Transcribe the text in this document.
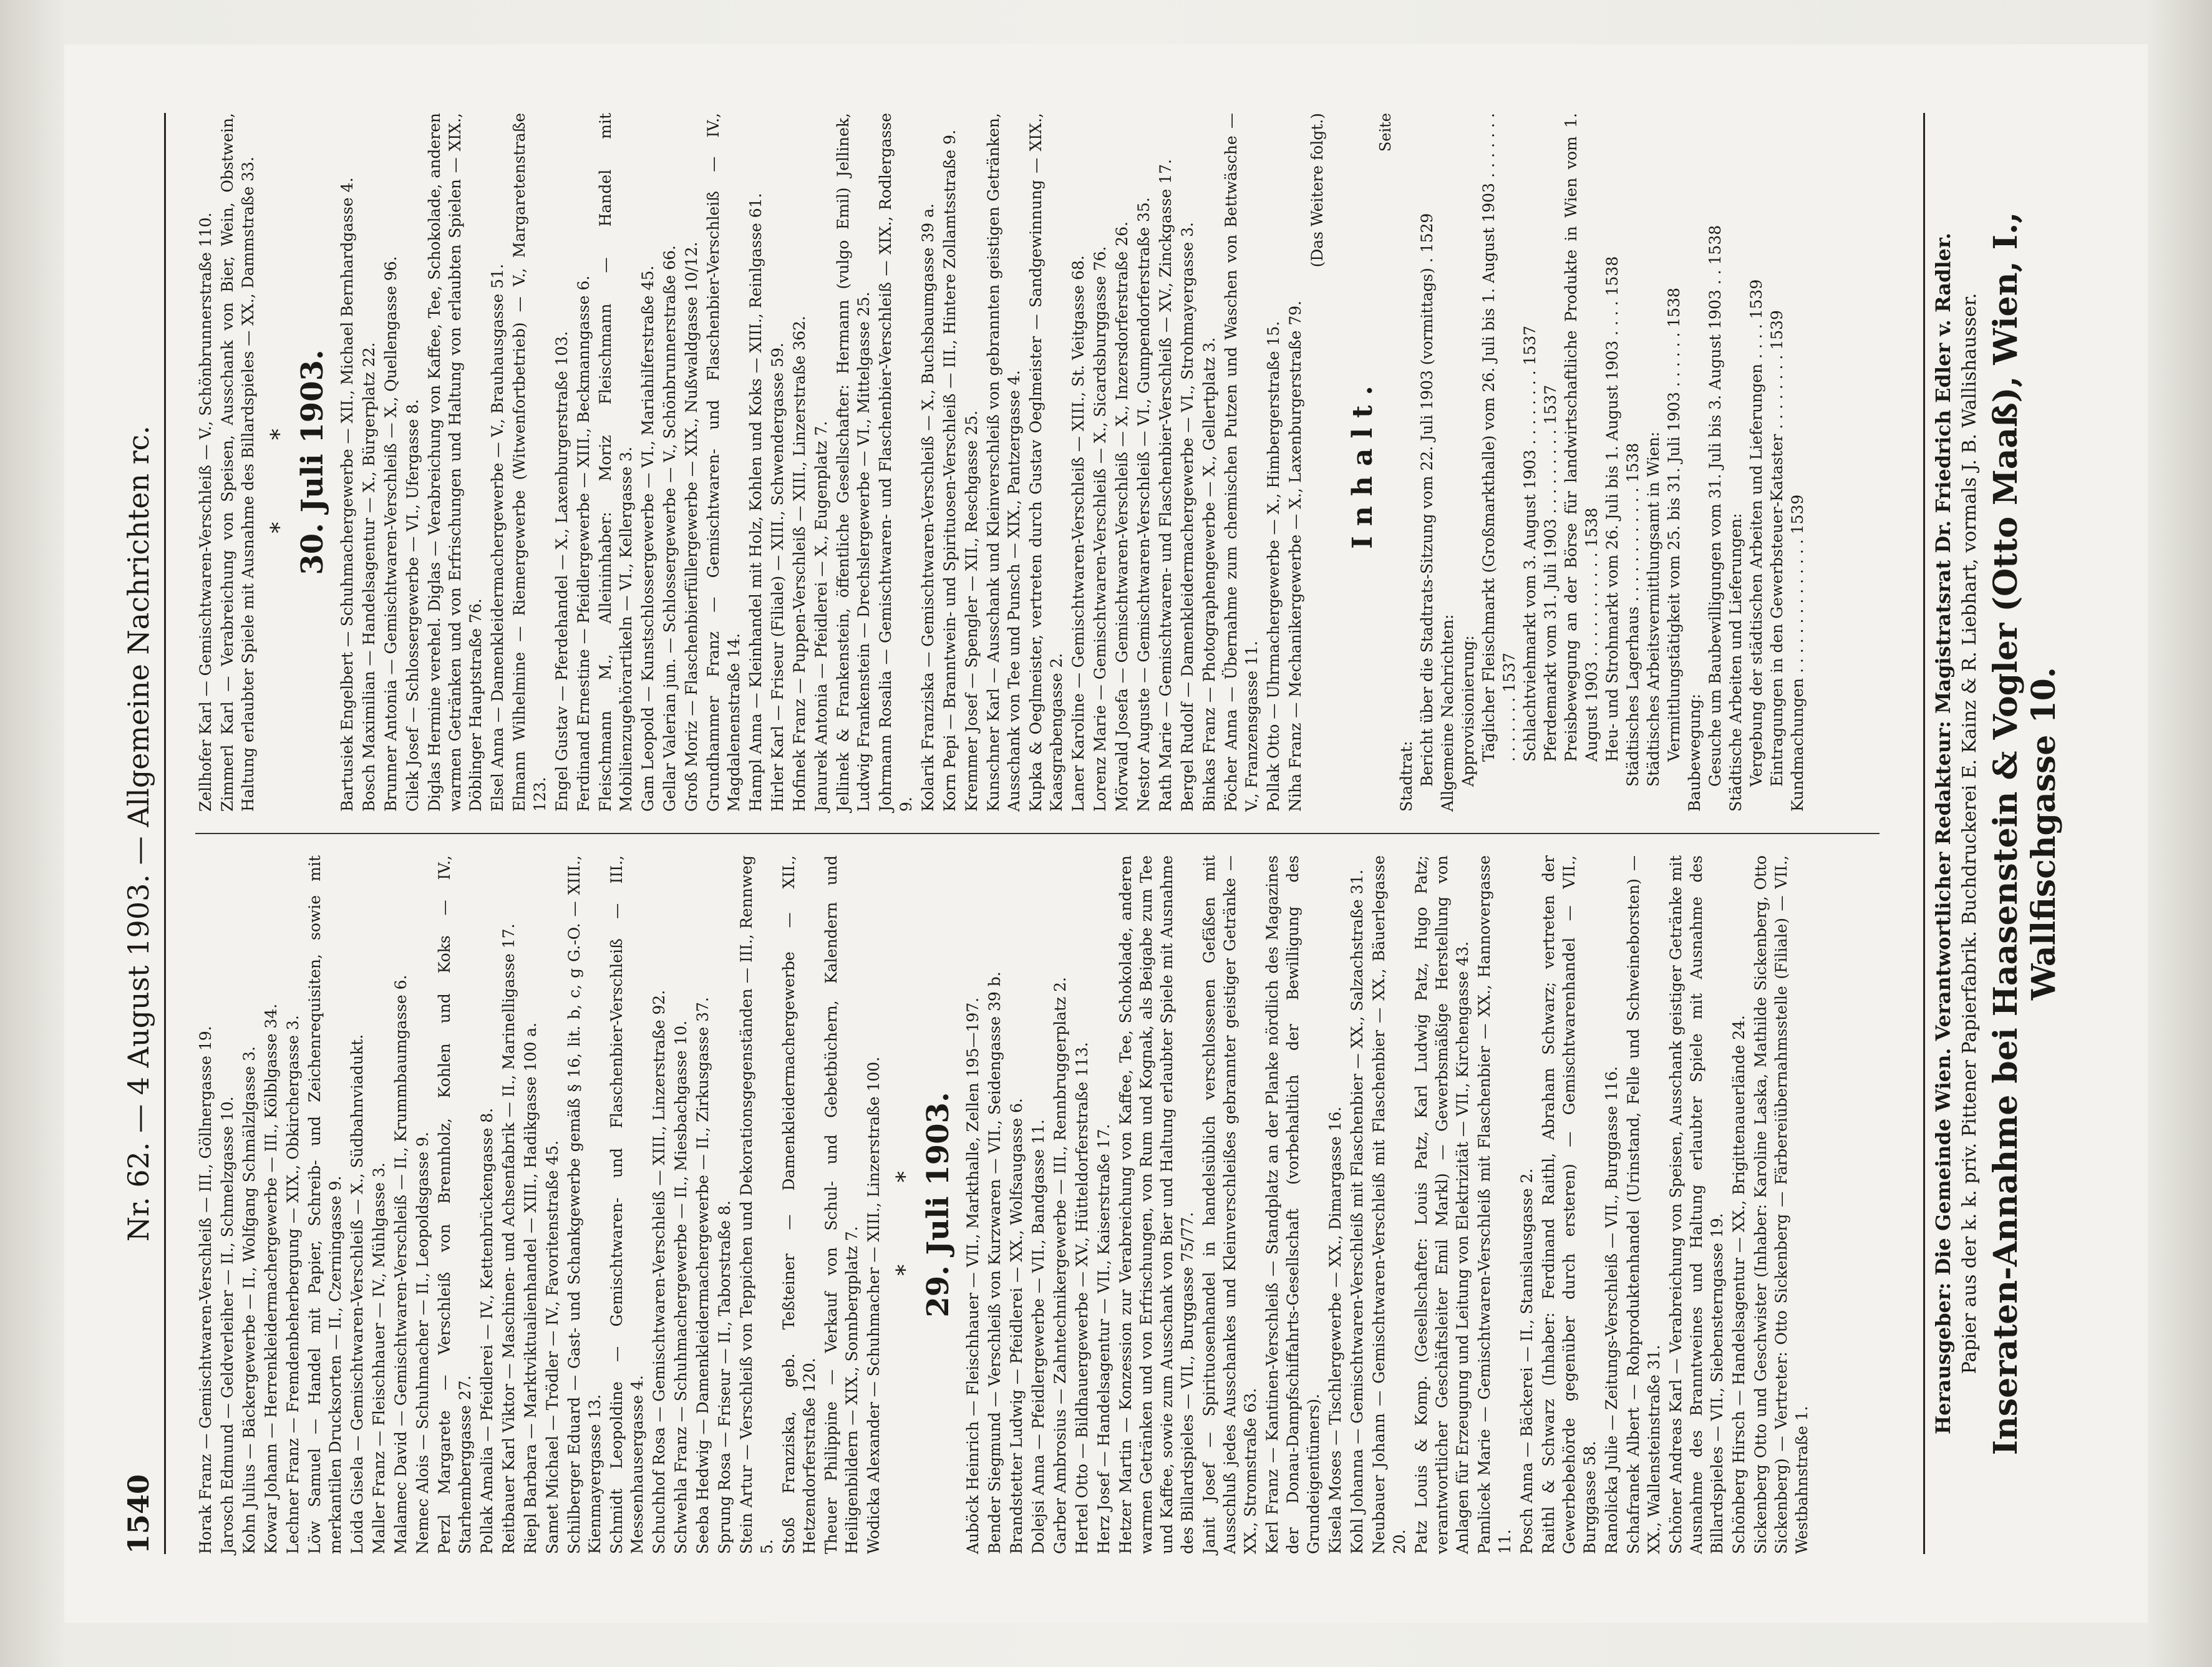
1540
Nr. 62. — 4 August 1903. — Allgemeine Nachrichten rc.

Horak Franz — Gemischtwaren-Verschleiß — III., Göllnergasse 19. Jarosch Edmund — Geldverleiher — II., Schmelzgasse 10. Kohn Julius — Bäckergewerbe — II., Wolfgang Schmälzlgasse 3. Kowar Johann — Herrenkleidermachergewerbe — III., Kölblgasse 34. Lechner Franz — Fremdenbeherbergung — XIX., Obkirchergasse 3. Löw Samuel — Handel mit Papier, Schreib- und Zeichenrequisiten, sowie mit merkantilen Drucksorten — II., Czerningasse 9. Loida Gisela — Gemischtwaren-Verschleiß — X., Südbahnviadukt. Maller Franz — Fleischhauer — IV., Mühlgasse 3. Malamec David — Gemischtwaren-Verschleiß — II., Krummbaumgasse 6. Nemec Alois — Schuhmacher — II., Leopoldsgasse 9. Perzl Margarete — Verschleiß von Brennholz, Kohlen und Koks — IV., Starhemberggasse 27. Pollak Amalia — Pfeidlerei — IV., Kettenbrückengasse 8. Reitbauer Karl Viktor — Maschinen- und Achsenfabrik — II., Marinelligasse 17. Riepl Barbara — Marktviktualienhandel — XIII., Hadikgasse 100 a. Samet Michael — Trödler — IV., Favoritenstraße 45. Schilberger Eduard — Gast- und Schankgewerbe gemäß § 16, lit. b, c, g G.-O. — XIII., Kienmayergasse 13. Schmidt Leopoldine — Gemischtwaren- und Flaschenbier-Verschleiß — III., Messenhausergasse 4. Schuchhof Rosa — Gemischtwaren-Verschleiß — XIII., Linzerstraße 92. Schwehla Franz — Schuhmachergewerbe — II., Miesbachgasse 10. Seeba Hedwig — Damenkleidermachergewerbe — II., Zirkusgasse 37. Sprung Rosa — Friseur — II., Taborstraße 8. Stein Artur — Verschleiß von Teppichen und Dekorationsgegenständen — III., Rennweg 5. Stoß Franziska, geb. Teßteiner — Damenkleidermachergewerbe — XII., Hetzendorferstraße 120. Theuer Philippine — Verkauf von Schul- und Gebetbüchern, Kalendern und Heiligenbildern — XIX., Sonnbergplatz 7. Wodicka Alexander — Schuhmacher — XIII., Linzerstraße 100. * * 29. Juli 1903. Auböck Heinrich — Fleischhauer — VII., Markthalle, Zellen 195—197. Bender Siegmund — Verschleiß von Kurzwaren — VII., Seidengasse 39 b. Brandstetter Ludwig — Pfeidlerei — XX., Wolfsaugasse 6. Dolejsi Anna — Pfeidlergewerbe — VII., Bandgasse 11. Garber Ambrosius — Zahntechnikergewerbe — III., Rennbruggerplatz 2. Hertel Otto — Bildhauergewerbe — XV., Hütteldorferstraße 113. Herz Josef — Handelsagentur — VII., Kaiserstraße 17. Hetzer Martin — Konzession zur Verabreichung von Kaffee, Tee, Schokolade, anderen warmen Getränken und von Erfrischungen, von Rum und Kognak, als Beigabe zum Tee und Kaffee, sowie zum Ausschank von Bier und Haltung erlaubter Spiele mit Ausnahme des Billardspieles — VII., Burggasse 75/77. Janit Josef — Spirituosenhandel in handelsüblich verschlossenen Gefäßen mit Ausschluß jedes Ausschankes und Kleinverschleißes gebrannter geistiger Getränke — XX., Stromstraße 63. Kerl Franz — Kantinen-Verschleiß — Standplatz an der Planke nördlich des Magazines der Donau-Dampfschiffahrts-Gesellschaft (vorbehaltlich der Bewilligung des Grundeigentümers). Kisela Moses — Tischlergewerbe — XX., Dimargasse 16. Kohl Johanna — Gemischtwaren-Verschleiß mit Flaschenbier — XX., Salzachstraße 31. Neubauer Johann — Gemischtwaren-Verschleiß mit Flaschenbier — XX., Bäuerlegasse 20. Patz Louis & Komp. (Gesellschafter: Louis Patz, Karl Ludwig Patz, Hugo Patz; verantwortlicher Geschäftsleiter Emil Markl) — Gewerbsmäßige Herstellung von Anlagen für Erzeugung und Leitung von Elektrizität — VII., Kirchengasse 43. Pamlicek Marie — Gemischtwaren-Verschleiß mit Flaschenbier — XX., Hannovergasse 11. Posch Anna — Bäckerei — II., Stanislausgasse 2. Raithl & Schwarz (Inhaber: Ferdinand Raithl, Abraham Schwarz; vertreten der Gewerbebehörde gegenüber durch ersteren) — Gemischtwarenhandel — VII., Burggasse 58. Ranolicka Julie — Zeitungs-Verschleiß — VII., Burggasse 116. Schafranek Albert — Rohproduktenhandel (Urinstand, Felle und Schweineborsten) — XX., Wallensteinstraße 31. Schöner Andreas Karl — Verabreichung von Speisen, Ausschank geistiger Getränke mit Ausnahme des Branntweines und Haltung erlaubter Spiele mit Ausnahme des Billardspieles — VII., Siebensterngasse 19. Schönberg Hirsch — Handelsagentur — XX., Brigittenauerlände 24. Sickenberg Otto und Geschwister (Inhaber: Karoline Laska, Mathilde Sickenberg, Otto Sickenberg) — Vertreter: Otto Sickenberg — Färbereiübernahmsstelle (Filiale) — VII., Westbahnstraße 1.

Zellhofer Karl — Gemischtwaren-Verschleiß — V., Schönbrunnerstraße 110. Zimmerl Karl — Verabreichung von Speisen, Ausschank von Bier, Wein, Obstwein, Haltung erlaubter Spiele mit Ausnahme des Billardspieles — XX., Dammstraße 33. * * 30. Juli 1903. Bartusiek Engelbert — Schuhmachergewerbe — XII., Michael Bernhardgasse 4. Bosch Maximilian — Handelsagentur — X., Bürgerplatz 22. Brunner Antonia — Gemischtwaren-Verschleiß — X., Quellengasse 96. Cilek Josef — Schlossergewerbe — VI., Ufergasse 8. Diglas Hermine verehel. Diglas — Verabreichung von Kaffee, Tee, Schokolade, anderen warmen Getränken und von Erfrischungen und Haltung von erlaubten Spielen — XIX., Döblinger Hauptstraße 76. Elsel Anna — Damenkleidermachergewerbe — V., Brauhausgasse 51. Elmann Wilhelmine — Riemergewerbe (Witwenfortbetrieb) — V., Margaretenstraße 123. Engel Gustav — Pferdehandel — X., Laxenburgerstraße 103. Ferdinand Ernestine — Pfeidlergewerbe — XIII., Beckmanngasse 6. Fleischmann M., Alleininhaber: Moriz Fleischmann — Handel mit Mobilienzugehörartikeln — VI., Kellergasse 3. Gam Leopold — Kunstschlossergewerbe — VI., Mariahilferstraße 45. Gellar Valerian jun. — Schlossergewerbe — V., Schönbrunnerstraße 66. Groß Moriz — Flaschenbierfüllergewerbe — XIX., Nußwaldgasse 10/12. Grundhammer Franz — Gemischtwaren- und Flaschenbier-Verschleiß — IV., Magdalenenstraße 14. Hampl Anna — Kleinhandel mit Holz, Kohlen und Koks — XIII., Reinlgasse 61. Hirler Karl — Friseur (Filiale) — XIII., Schwendergasse 59. Hofinek Franz — Puppen-Verschleiß — XIII., Linzerstraße 362. Janurek Antonia — Pfeidlerei — X., Eugenplatz 7. Jellinek & Frankenstein, öffentliche Gesellschafter: Hermann (vulgo Emil) Jellinek, Ludwig Frankenstein — Drechslergewerbe — VI., Mittelgasse 25. Johrmann Rosalia — Gemischtwaren- und Flaschenbier-Verschleiß — XIX., Rodlergasse 9. Kolarik Franziska — Gemischtwaren-Verschleiß — X., Buchsbaumgasse 39 a. Korn Pepi — Branntwein- und Spirituosen-Verschleiß — III., Hintere Zollamtsstraße 9. Kremmer Josef — Spengler — XII., Reschgasse 25. Kunschner Karl — Ausschank und Kleinverschleiß von gebrannten geistigen Getränken, Ausschank von Tee und Punsch — XIX., Pantzergasse 4. Kupka & Oeglmeister, vertreten durch Gustav Oeglmeister — Sandgewinnung — XIX., Kaasgrabengasse 2. Laner Karoline — Gemischtwaren-Verschleiß — XIII., St. Veitgasse 68. Lorenz Marie — Gemischtwaren-Verschleiß — X., Sicardsburggasse 76. Mörwald Josefa — Gemischtwaren-Verschleiß — X., Inzersdorferstraße 26. Nestor Auguste — Gemischtwaren-Verschleiß — VI., Gumpendorferstraße 35. Rath Marie — Gemischtwaren- und Flaschenbier-Verschleiß — XV., Zinckgasse 17. Bergel Rudolf — Damenkleidermachergewerbe — VI., Strohmayergasse 3. Binkas Franz — Photographengewerbe — X., Gellertplatz 3. Pöcher Anna — Übernahme zum chemischen Putzen und Waschen von Bettwäsche — V., Franzensgasse 11. Pollak Otto — Uhrmachergewerbe — X., Himbergerstraße 15. Niha Franz — Mechanikergewerbe — X., Laxenburgerstraße 79.

(Das Weitere folgt.)
Inhalt.
Seite

Stadtrat: Bericht über die Stadtrats-Sitzung vom 22. Juli 1903 (vormittags) . 1529 Allgemeine Nachrichten: Approvisionierung: Täglicher Fleischmarkt (Großmarkthalle) vom 26. Juli bis 1. August 1903 . . . . . . . . . . . . . . 1537 Schlachtviehmarkt vom 3. August 1903 . . . . . . . . 1537 Pferdemarkt vom 31. Juli 1903 . . . . . . . . . 1537 Preisbewegung an der Börse für landwirtschaftliche Produkte in Wien vom 1. August 1903 . . . . . . . . . . . 1538 Heu- und Strohmarkt vom 26. Juli bis 1. August 1903 . . . . 1538 Städtisches Lagerhaus . . . . . . . . . . . . 1538 Städtisches Arbeitsvermittlungsamt in Wien: Vermittlungstätigkeit vom 25. bis 31. Juli 1903 . . . . . . 1538 Baubewegung: Gesuche um Baubewilligungen vom 31. Juli bis 3. August 1903 . . 1538 Städtische Arbeiten und Lieferungen: Vergebung der städtischen Arbeiten und Lieferungen . . . . 1539 Eintragungen in den Gewerbsteuer-Kataster . . . . . . . . 1539 Kundmachungen . . . . . . . . . . . . . . 1539	Herausgeber: Die Gemeinde Wien. Verantwortlicher Redakteur: Magistratsrat Dr. Friedrich Edler v. Radler. Papier aus der k. k. priv. Pittener Papierfabrik. Buchdruckerei E. Kainz & R. Liebhart, vormals J. B. Wallishausser. Inseraten-Annahme bei Haasenstein & Vogler (Otto Maaß), Wien, I., Wallfischgasse 10.
